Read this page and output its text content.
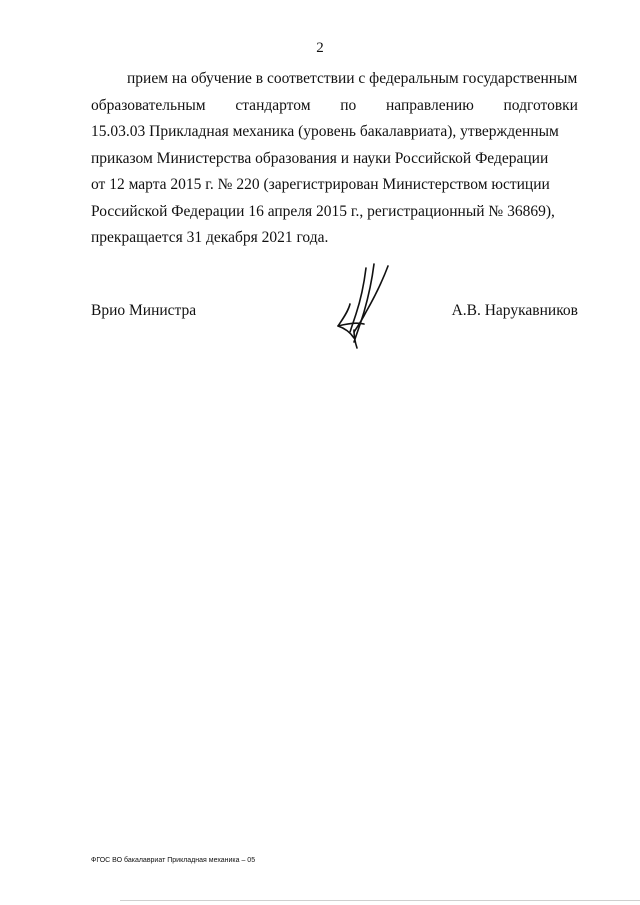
2
прием на обучение в соответствии с федеральным государственным
образовательным стандартом по направлению подготовки
15.03.03 Прикладная механика (уровень бакалавриата), утвержденным
приказом Министерства образования и науки Российской Федерации
от 12 марта 2015 г. № 220 (зарегистрирован Министерством юстиции
Российской Федерации 16 апреля 2015 г., регистрационный № 36869),
прекращается 31 декабря 2021 года.
Врио Министра	А.В. Нарукавников
ФГОС ВО бакалавриат Прикладная механика – 05
